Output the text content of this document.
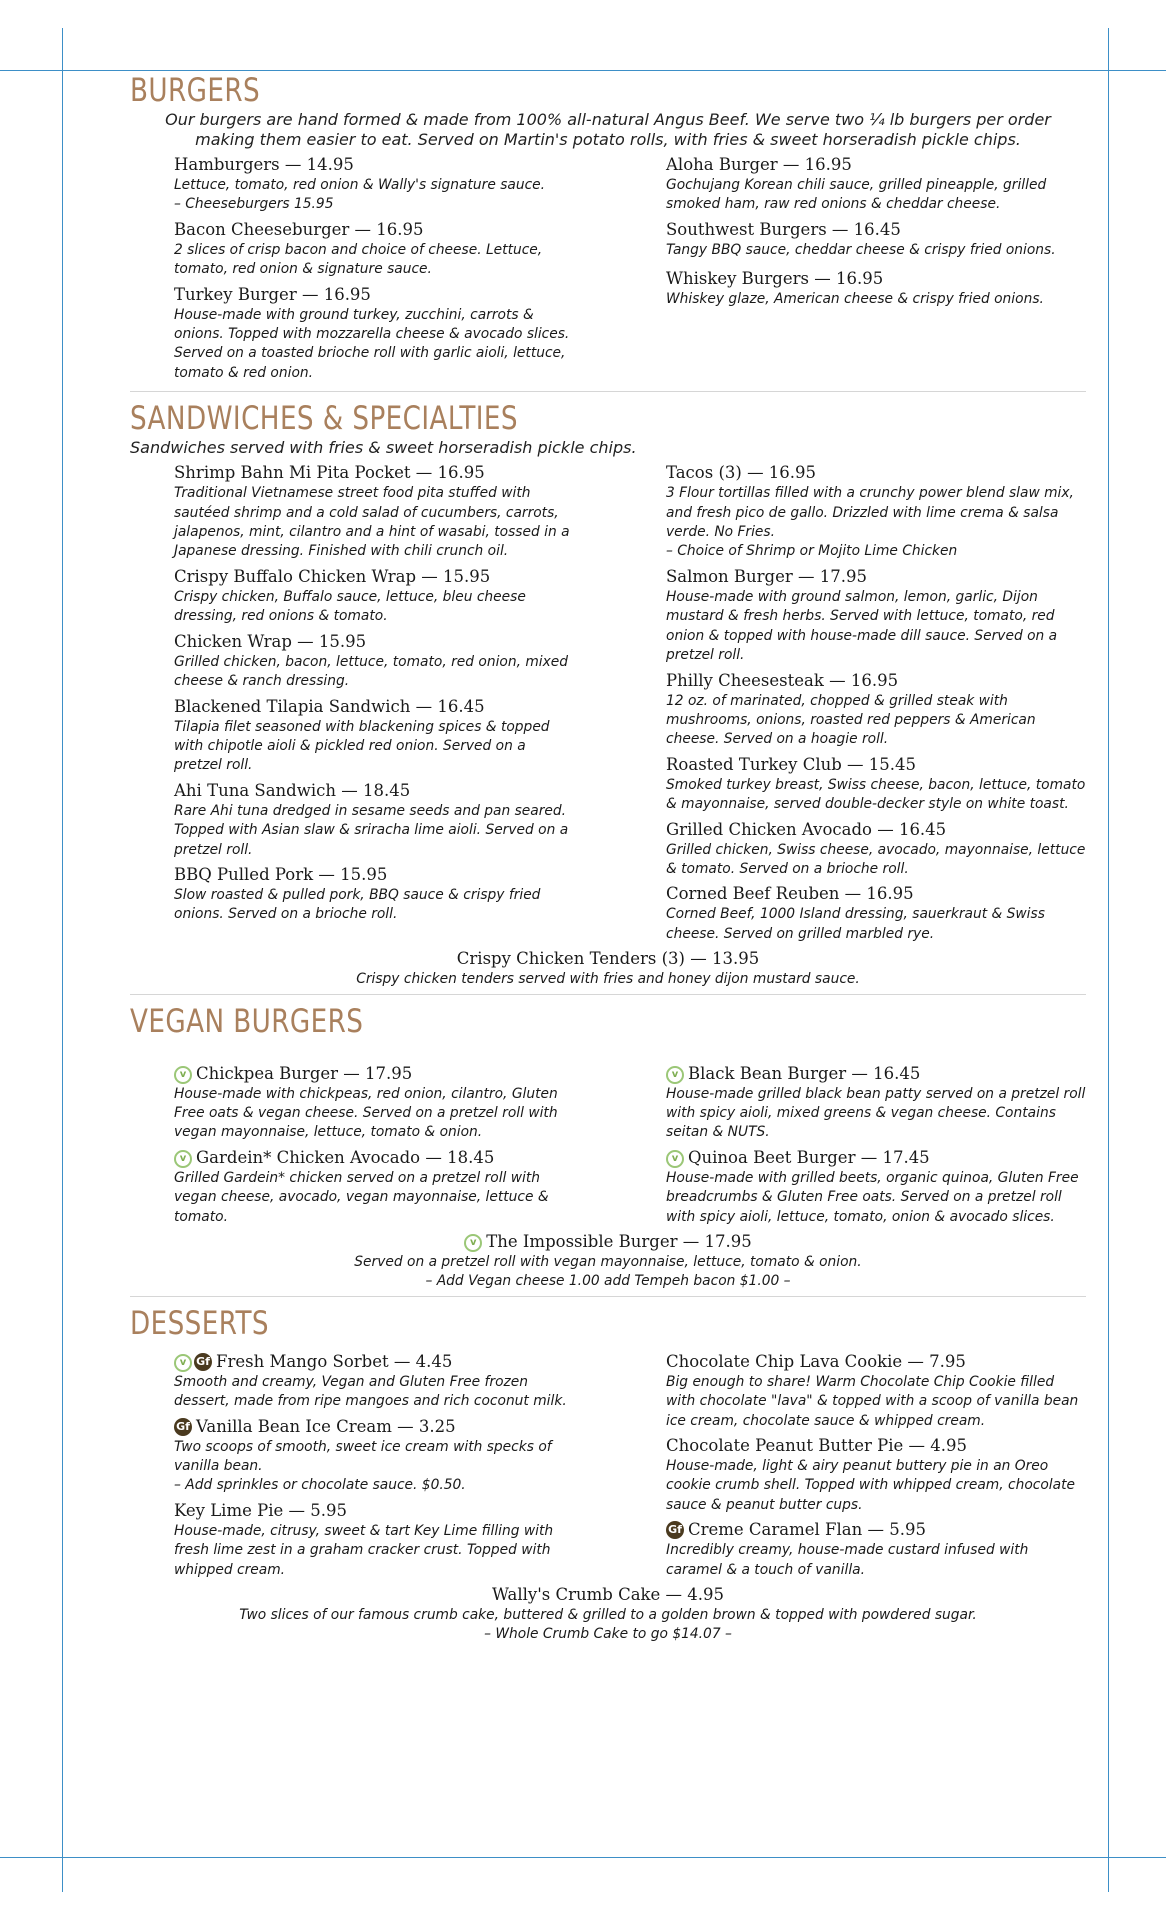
BURGERS
Our burgers are hand formed & made from 100% all-natural Angus Beef. We serve two ¼ lb burgers per order
making them easier to eat. Served on Martin's potato rolls, with fries & sweet horseradish pickle chips.
Hamburgers — 14.95
Lettuce, tomato, red onion & Wally's signature sauce.
– Cheeseburgers 15.95
Bacon Cheeseburger — 16.95
2 slices of crisp bacon and choice of cheese. Lettuce, tomato, red onion & signature sauce.
Turkey Burger — 16.95
House-made with ground turkey, zucchini, carrots & onions. Topped with mozzarella cheese & avocado slices. Served on a toasted brioche roll with garlic aioli, lettuce, tomato & red onion.
Aloha Burger — 16.95
Gochujang Korean chili sauce, grilled pineapple, grilled smoked ham, raw red onions & cheddar cheese.
Southwest Burgers — 16.45
Tangy BBQ sauce, cheddar cheese & crispy fried onions.
Whiskey Burgers — 16.95
Whiskey glaze, American cheese & crispy fried onions.
SANDWICHES & SPECIALTIES
Sandwiches served with fries & sweet horseradish pickle chips.
Shrimp Bahn Mi Pita Pocket — 16.95
Traditional Vietnamese street food pita stuffed with sautéed shrimp and a cold salad of cucumbers, carrots, jalapenos, mint, cilantro and a hint of wasabi, tossed in a Japanese dressing. Finished with chili crunch oil.
Crispy Buffalo Chicken Wrap — 15.95
Crispy chicken, Buffalo sauce, lettuce, bleu cheese dressing, red onions & tomato.
Chicken Wrap — 15.95
Grilled chicken, bacon, lettuce, tomato, red onion, mixed cheese & ranch dressing.
Blackened Tilapia Sandwich — 16.45
Tilapia filet seasoned with blackening spices & topped with chipotle aioli & pickled red onion. Served on a pretzel roll.
Ahi Tuna Sandwich — 18.45
Rare Ahi tuna dredged in sesame seeds and pan seared. Topped with Asian slaw & sriracha lime aioli. Served on a pretzel roll.
BBQ Pulled Pork — 15.95
Slow roasted & pulled pork, BBQ sauce & crispy fried onions. Served on a brioche roll.
Tacos (3) — 16.95
3 Flour tortillas filled with a crunchy power blend slaw mix, and fresh pico de gallo. Drizzled with lime crema & salsa verde. No Fries.
– Choice of Shrimp or Mojito Lime Chicken
Salmon Burger — 17.95
House-made with ground salmon, lemon, garlic, Dijon mustard & fresh herbs. Served with lettuce, tomato, red onion & topped with house-made dill sauce. Served on a pretzel roll.
Philly Cheesesteak — 16.95
12 oz. of marinated, chopped & grilled steak with mushrooms, onions, roasted red peppers & American cheese. Served on a hoagie roll.
Roasted Turkey Club — 15.45
Smoked turkey breast, Swiss cheese, bacon, lettuce, tomato & mayonnaise, served double-decker style on white toast.
Grilled Chicken Avocado — 16.45
Grilled chicken, Swiss cheese, avocado, mayonnaise, lettuce & tomato. Served on a brioche roll.
Corned Beef Reuben — 16.95
Corned Beef, 1000 Island dressing, sauerkraut & Swiss cheese. Served on grilled marbled rye.
Crispy Chicken Tenders (3) — 13.95
Crispy chicken tenders served with fries and honey dijon mustard sauce.
VEGAN BURGERS
v Chickpea Burger — 17.95
House-made with chickpeas, red onion, cilantro, Gluten Free oats & vegan cheese. Served on a pretzel roll with vegan mayonnaise, lettuce, tomato & onion.
v Gardein* Chicken Avocado — 18.45
Grilled Gardein* chicken served on a pretzel roll with vegan cheese, avocado, vegan mayonnaise, lettuce & tomato.
v Black Bean Burger — 16.45
House-made grilled black bean patty served on a pretzel roll with spicy aioli, mixed greens & vegan cheese. Contains seitan & NUTS.
v Quinoa Beet Burger — 17.45
House-made with grilled beets, organic quinoa, Gluten Free breadcrumbs & Gluten Free oats. Served on a pretzel roll with spicy aioli, lettuce, tomato, onion & avocado slices.
v The Impossible Burger — 17.95
Served on a pretzel roll with vegan mayonnaise, lettuce, tomato & onion.
– Add Vegan cheese 1.00 add Tempeh bacon $1.00 –
DESSERTS
v Gf Fresh Mango Sorbet — 4.45
Smooth and creamy, Vegan and Gluten Free frozen dessert, made from ripe mangoes and rich coconut milk.
Gf Vanilla Bean Ice Cream — 3.25
Two scoops of smooth, sweet ice cream with specks of vanilla bean.
– Add sprinkles or chocolate sauce. $0.50.
Key Lime Pie — 5.95
House-made, citrusy, sweet & tart Key Lime filling with fresh lime zest in a graham cracker crust. Topped with whipped cream.
Chocolate Chip Lava Cookie — 7.95
Big enough to share! Warm Chocolate Chip Cookie filled with chocolate "lava" & topped with a scoop of vanilla bean ice cream, chocolate sauce & whipped cream.
Chocolate Peanut Butter Pie — 4.95
House-made, light & airy peanut buttery pie in an Oreo cookie crumb shell. Topped with whipped cream, chocolate sauce & peanut butter cups.
Gf Creme Caramel Flan — 5.95
Incredibly creamy, house-made custard infused with caramel & a touch of vanilla.
Wally's Crumb Cake — 4.95
Two slices of our famous crumb cake, buttered & grilled to a golden brown & topped with powdered sugar.
– Whole Crumb Cake to go $14.07 –
